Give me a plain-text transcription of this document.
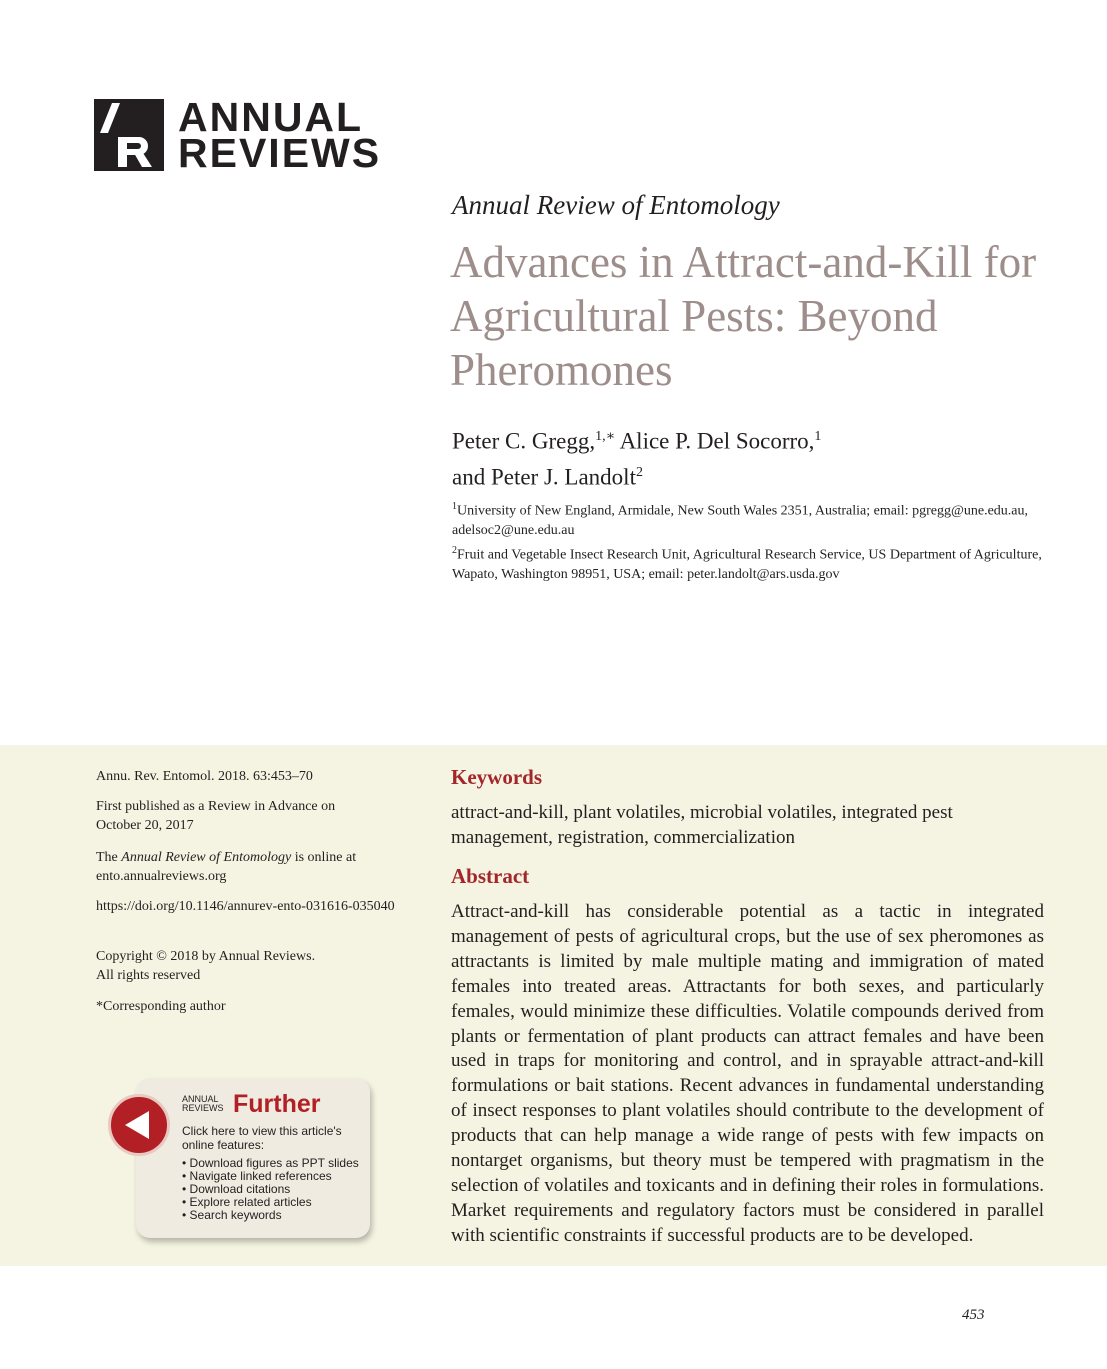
ANNUAL
REVIEWS
Annual Review of Entomology
Advances in Attract-and-Kill for Agricultural Pests: Beyond Pheromones
Peter C. Gregg,$^{1,∗}$ Alice P. Del Socorro,$^1$
and Peter J. Landolt$^2$
$^1$University of New England, Armidale, New South Wales 2351, Australia; email: pgregg@une.edu.au, adelsoc2@une.edu.au
$^2$Fruit and Vegetable Insect Research Unit, Agricultural Research Service, US Department of Agriculture, Wapato, Washington 98951, USA; email: peter.landolt@ars.usda.gov
Annu. Rev. Entomol. 2018. 63:453–70
First published as a Review in Advance on October 20, 2017
The Annual Review of Entomology is online at ento.annualreviews.org
https://doi.org/10.1146/annurev-ento-031616-035040
Copyright © 2018 by Annual Reviews.
All rights reserved
*Corresponding author
ANNUAL
REVIEWS Further
Click here to view this article's online features:
• Download figures as PPT slides
• Navigate linked references
• Download citations
• Explore related articles
• Search keywords
Keywords
attract-and-kill, plant volatiles, microbial volatiles, integrated pest management, registration, commercialization
Abstract
Attract-and-kill has considerable potential as a tactic in integrated management of pests of agricultural crops, but the use of sex pheromones as attractants is limited by male multiple mating and immigration of mated females into treated areas. Attractants for both sexes, and particularly females, would minimize these difficulties. Volatile compounds derived from plants or fermentation of plant products can attract females and have been used in traps for monitoring and control, and in sprayable attract-and-kill formulations or bait stations. Recent advances in fundamental understanding of insect responses to plant volatiles should contribute to the development of products that can help manage a wide range of pests with few impacts on nontarget organisms, but theory must be tempered with pragmatism in the selection of volatiles and toxicants and in defining their roles in formulations. Market requirements and regulatory factors must be considered in parallel with scientific constraints if successful products are to be developed.
453
